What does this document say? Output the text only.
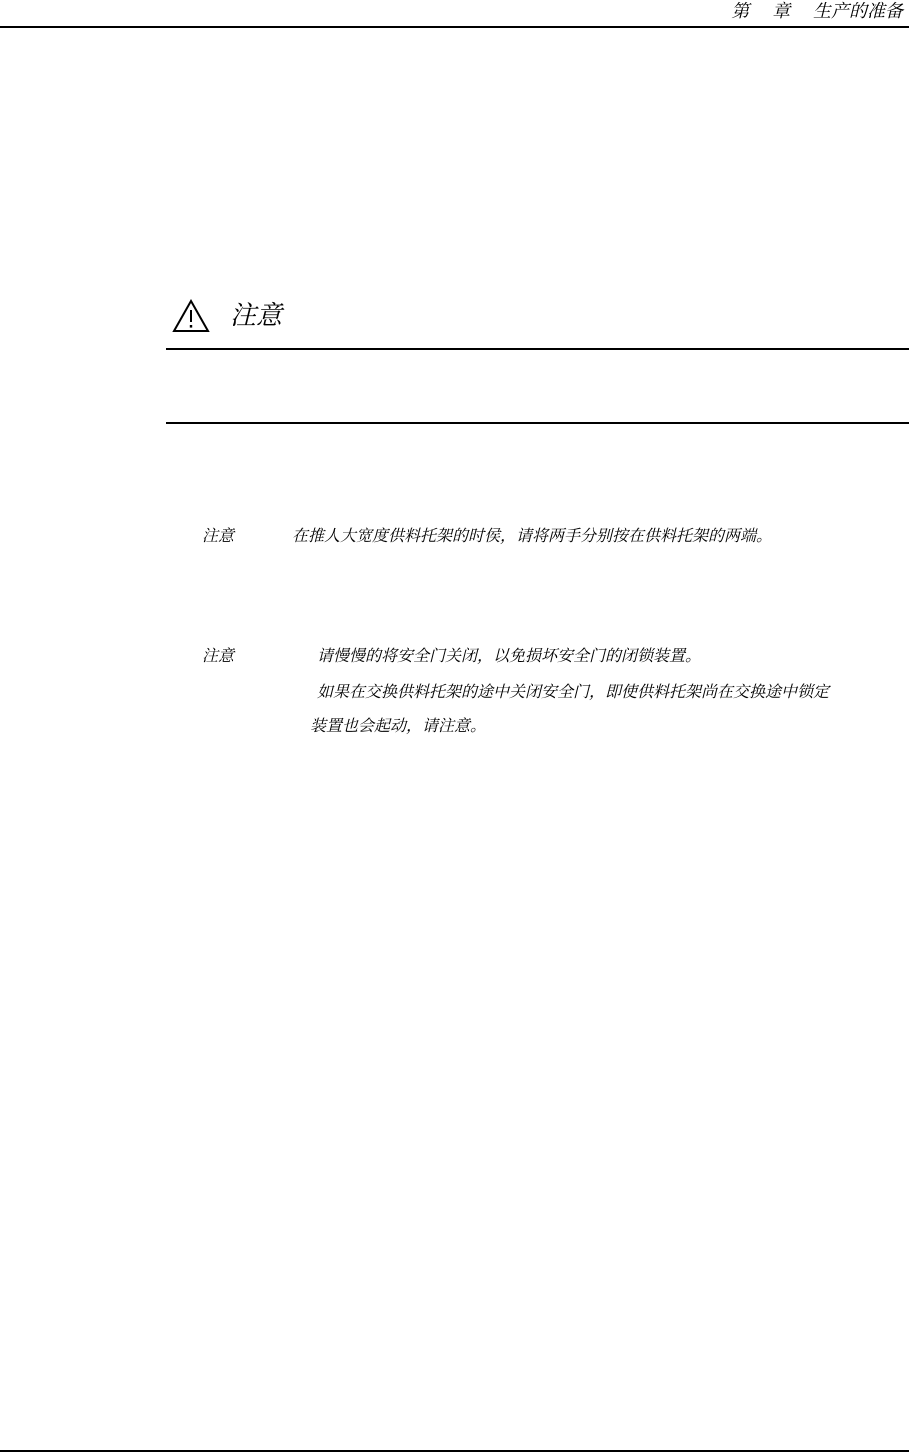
第    章    生产的准备
注意
注意	在推人大宽度供料托架的时侯，请将两手分别按在供料托架的两端。
注意	请慢慢的将安全门关闭，以免损坏安全门的闭锁装置。
如果在交换供料托架的途中关闭安全门，即使供料托架尚在交换途中锁定
装置也会起动，请注意。
